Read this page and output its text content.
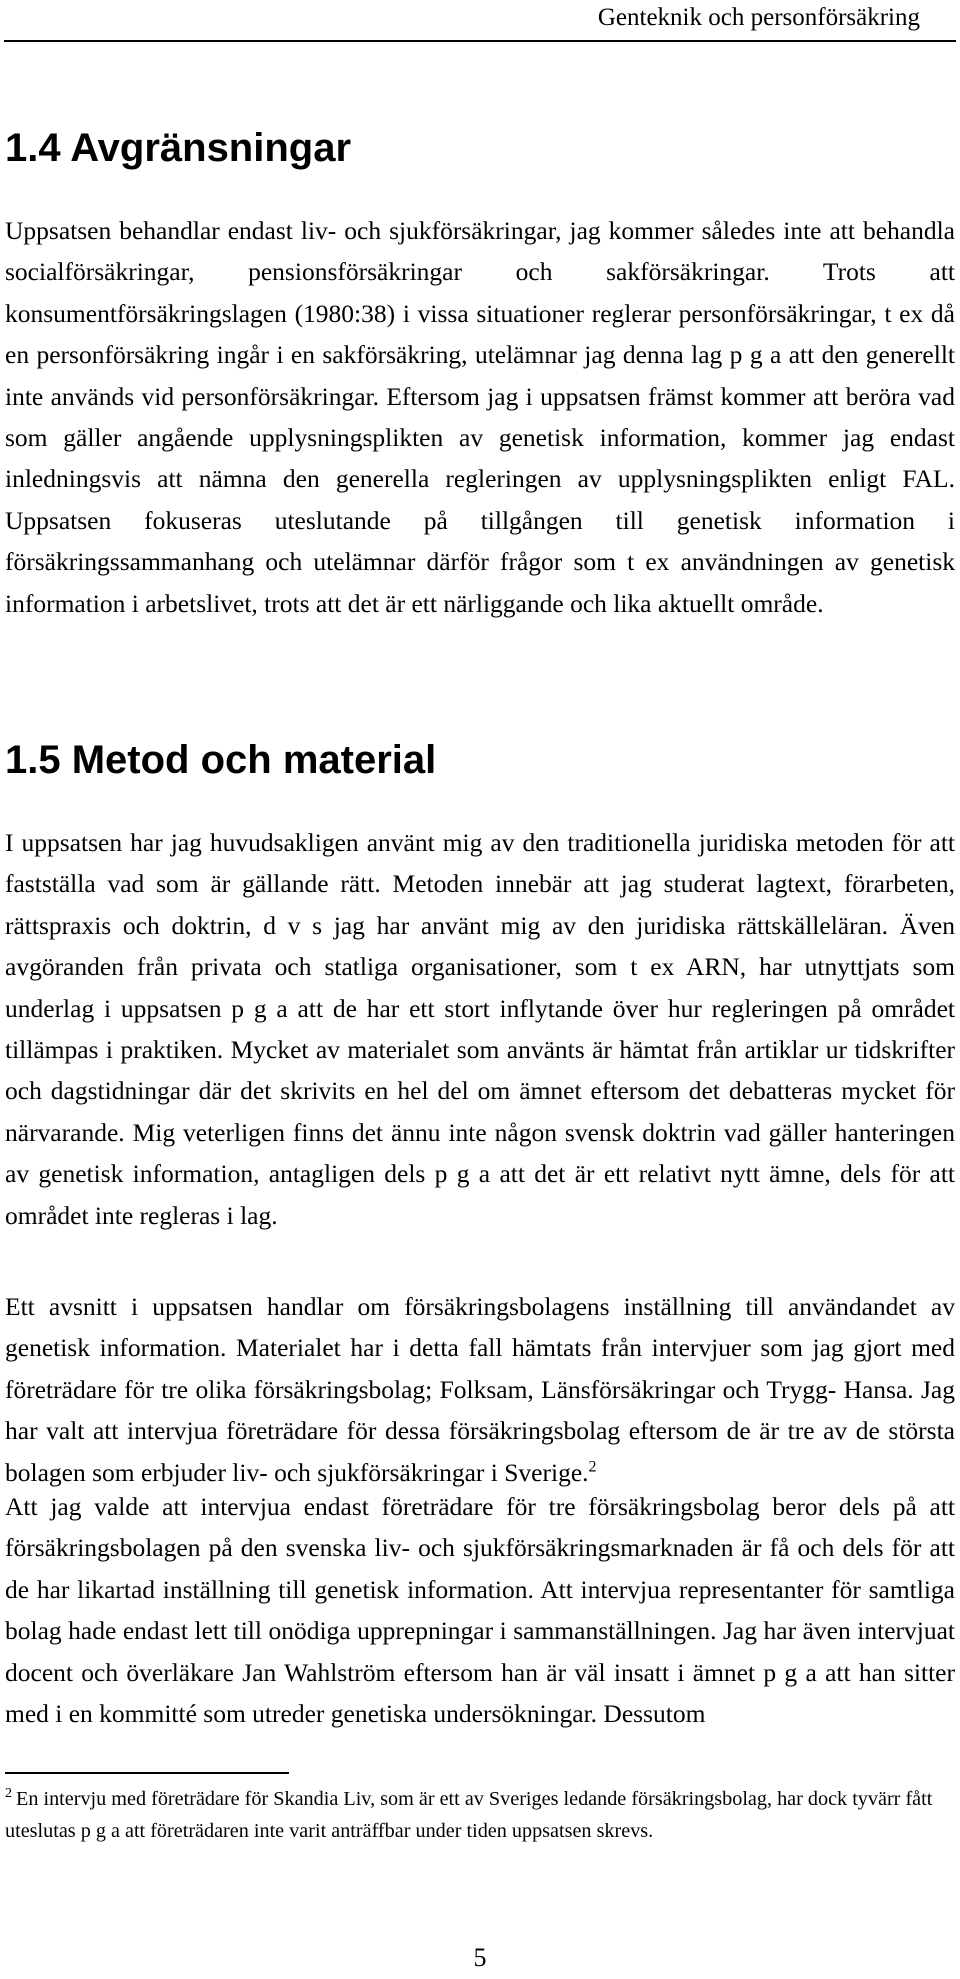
Genteknik och personförsäkring
1.4 Avgränsningar

Uppsatsen behandlar endast liv- och sjukförsäkringar, jag kommer således inte att behandla socialförsäkringar, pensionsförsäkringar och sakförsäkringar. Trots att konsumentförsäkringslagen (1980:38) i vissa situationer reglerar personförsäkringar, t ex då en personförsäkring ingår i en sakförsäkring, utelämnar jag denna lag p g a att den generellt inte används vid personförsäkringar. Eftersom jag i uppsatsen främst kommer att beröra vad som gäller angående upplysningsplikten av genetisk information, kommer jag endast inledningsvis att nämna den generella regleringen av upplysningsplikten enligt FAL. Uppsatsen fokuseras uteslutande på tillgången till genetisk information i försäkringssammanhang och utelämnar därför frågor som t ex användningen av genetisk information i arbetslivet, trots att det är ett närliggande och lika aktuellt område.

1.5 Metod och material

I uppsatsen har jag huvudsakligen använt mig av den traditionella juridiska metoden för att fastställa vad som är gällande rätt. Metoden innebär att jag studerat lagtext, förarbeten, rättspraxis och doktrin, d v s jag har använt mig av den juridiska rättskälleläran. Även avgöranden från privata och statliga organisationer, som t ex ARN, har utnyttjats som underlag i uppsatsen p g a att de har ett stort inflytande över hur regleringen på området tillämpas i praktiken. Mycket av materialet som använts är hämtat från artiklar ur tidskrifter och dagstidningar där det skrivits en hel del om ämnet eftersom det debatteras mycket för närvarande. Mig veterligen finns det ännu inte någon svensk doktrin vad gäller hanteringen av genetisk information, antagligen dels p g a att det är ett relativt nytt ämne, dels för att området inte regleras i lag.

Ett avsnitt i uppsatsen handlar om försäkringsbolagens inställning till användandet av genetisk information. Materialet har i detta fall hämtats från intervjuer som jag gjort med företrädare för tre olika försäkringsbolag; Folksam, Länsförsäkringar och Trygg- Hansa. Jag har valt att intervjua företrädare för dessa försäkringsbolag eftersom de är tre av de största bolagen som erbjuder liv- och sjukförsäkringar i Sverige.$^2$

Att jag valde att intervjua endast företrädare för tre försäkringsbolag beror dels på att försäkringsbolagen på den svenska liv- och sjukförsäkringsmarknaden är få och dels för att de har likartad inställning till genetisk information. Att intervjua representanter för samtliga bolag hade endast lett till onödiga upprepningar i sammanställningen. Jag har även intervjuat docent och överläkare Jan Wahlström eftersom han är väl insatt i ämnet p g a att han sitter med i en kommitté som utreder genetiska undersökningar. Dessutom

$^2$ En intervju med företrädare för Skandia Liv, som är ett av Sveriges ledande försäkringsbolag, har dock tyvärr fått uteslutas p g a att företrädaren inte varit anträffbar under tiden uppsatsen skrevs.

5
